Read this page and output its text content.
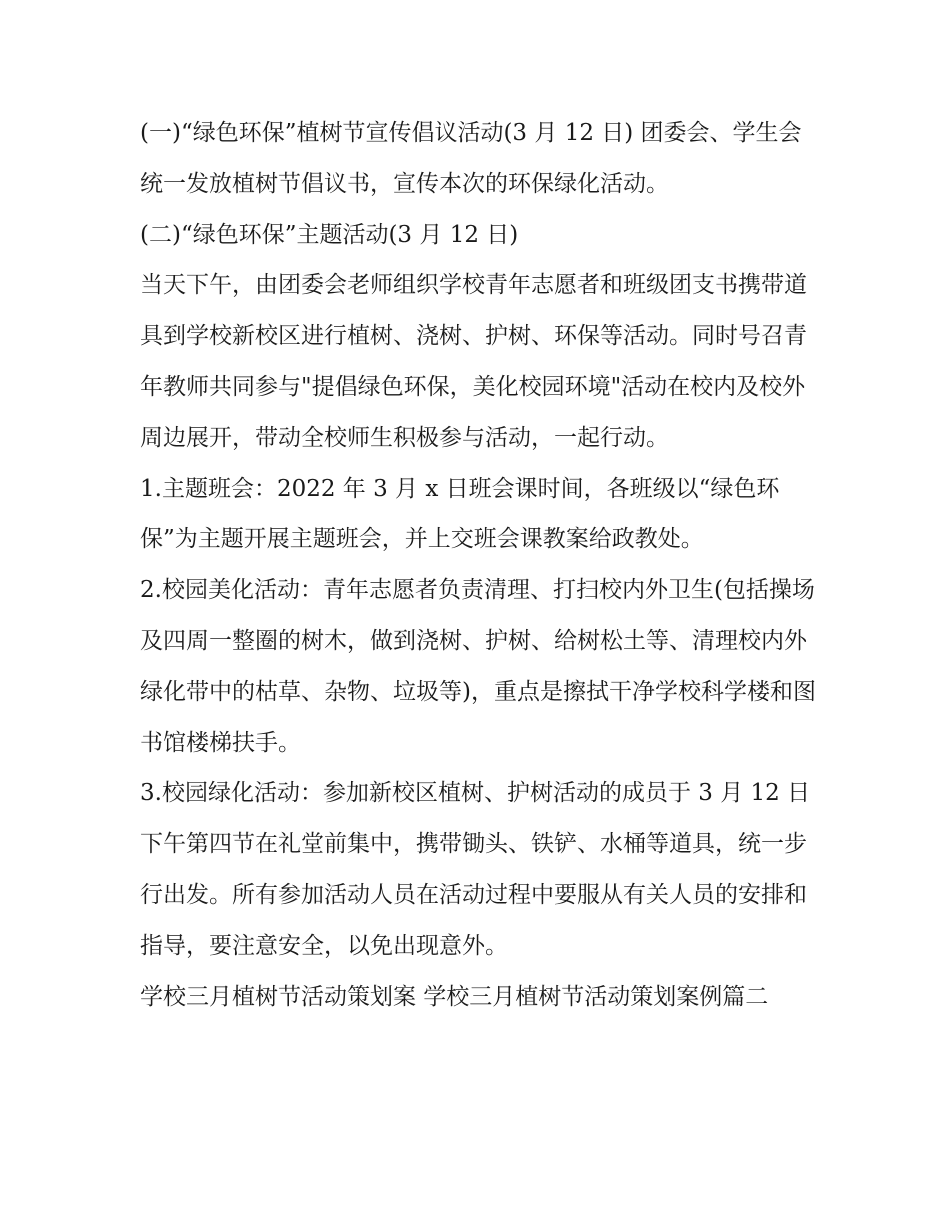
(一)“绿色环保”植树节宣传倡议活动(3 月 12 日) 团委会、学生会统一发放植树节倡议书，宣传本次的环保绿化活动。

(二)“绿色环保”主题活动(3 月 12 日)

当天下午，由团委会老师组织学校青年志愿者和班级团支书携带道具到学校新校区进行植树、浇树、护树、环保等活动。同时号召青年教师共同参与"提倡绿色环保，美化校园环境"活动在校内及校外周边展开，带动全校师生积极参与活动，一起行动。

1.主题班会：2022 年 3 月 x 日班会课时间，各班级以“绿色环保”为主题开展主题班会，并上交班会课教案给政教处。

2.校园美化活动：青年志愿者负责清理、打扫校内外卫生(包括操场及四周一整圈的树木，做到浇树、护树、给树松土等、清理校内外绿化带中的枯草、杂物、垃圾等)，重点是擦拭干净学校科学楼和图书馆楼梯扶手。

3.校园绿化活动：参加新校区植树、护树活动的成员于 3 月 12 日下午第四节在礼堂前集中，携带锄头、铁铲、水桶等道具，统一步行出发。所有参加活动人员在活动过程中要服从有关人员的安排和指导，要注意安全，以免出现意外。

学校三月植树节活动策划案 学校三月植树节活动策划案例篇二
